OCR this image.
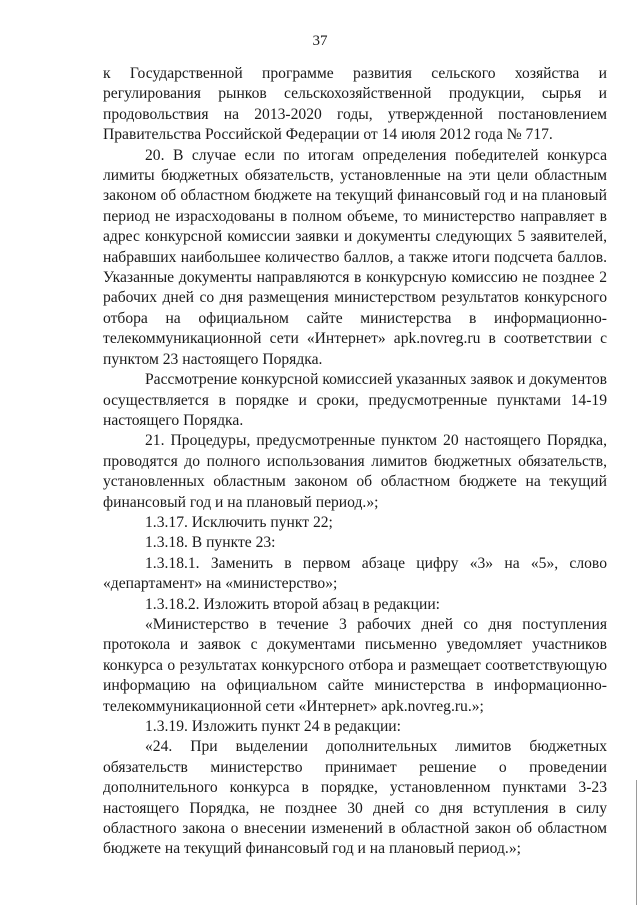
37

к Государственной программе развития сельского хозяйства и регулирования рынков сельскохозяйственной продукции, сырья и продовольствия на 2013-2020 годы, утвержденной постановлением Правительства Российской Федерации от 14 июля 2012 года № 717.

20. В случае если по итогам определения победителей конкурса лимиты бюджетных обязательств, установленные на эти цели областным законом об областном бюджете на текущий финансовый год и на плановый период не израсходованы в полном объеме, то министерство направляет в адрес конкурсной комиссии заявки и документы следующих 5 заявителей, набравших наибольшее количество баллов, а также итоги подсчета баллов. Указанные документы направляются в конкурсную комиссию не позднее 2 рабочих дней со дня размещения министерством результатов конкурсного отбора на официальном сайте министерства в информационно-телекоммуникационной сети «Интернет» apk.novreg.ru в соответствии с пунктом 23 настоящего Порядка.

Рассмотрение конкурсной комиссией указанных заявок и документов осуществляется в порядке и сроки, предусмотренные пунктами 14-19 настоящего Порядка.

21. Процедуры, предусмотренные пунктом 20 настоящего Порядка, проводятся до полного использования лимитов бюджетных обязательств, установленных областным законом об областном бюджете на текущий финансовый год и на плановый период.»;

1.3.17. Исключить пункт 22;

1.3.18. В пункте 23:

1.3.18.1. Заменить в первом абзаце цифру «3» на «5», слово «департамент» на «министерство»;

1.3.18.2. Изложить второй абзац в редакции:

«Министерство в течение 3 рабочих дней со дня поступления протокола и заявок с документами письменно уведомляет участников конкурса о результатах конкурсного отбора и размещает соответствующую информацию на официальном сайте министерства в информационно-телекоммуникационной сети «Интернет» apk.novreg.ru.»;

1.3.19. Изложить пункт 24 в редакции:

«24. При выделении дополнительных лимитов бюджетных обязательств министерство принимает решение о проведении дополнительного конкурса в порядке, установленном пунктами 3-23 настоящего Порядка, не позднее 30 дней со дня вступления в силу областного закона о внесении изменений в областной закон об областном бюджете на текущий финансовый год и на плановый период.»;
